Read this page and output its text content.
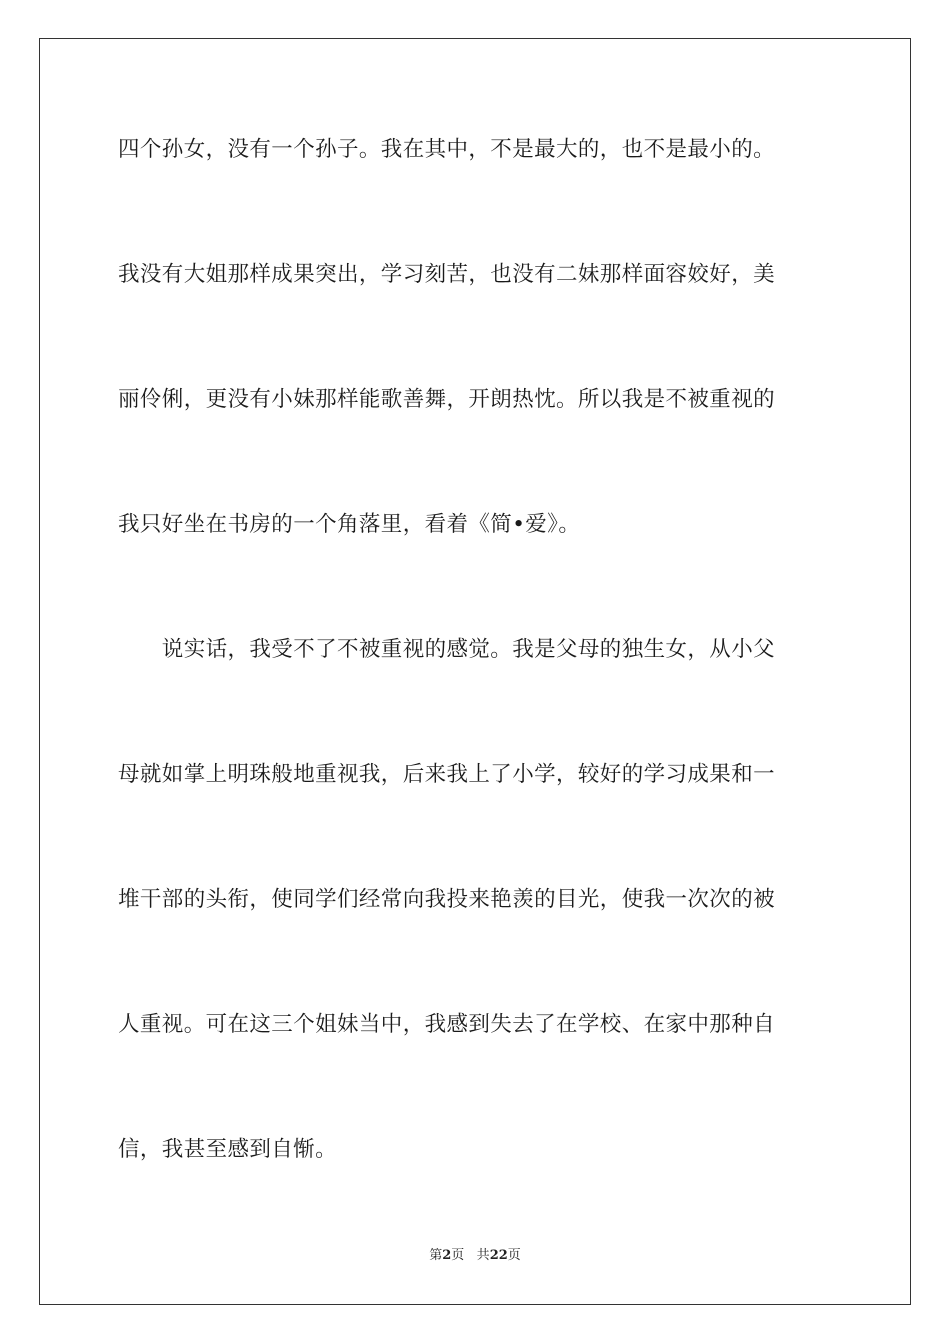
四个孙女，没有一个孙子。我在其中，不是最大的，也不是最小的。
我没有大姐那样成果突出，学习刻苦，也没有二妹那样面容姣好，美
丽伶俐，更没有小妹那样能歌善舞，开朗热忱。所以我是不被重视的
我只好坐在书房的一个角落里，看着《简•爱》。
　　说实话，我受不了不被重视的感觉。我是父母的独生女，从小父
母就如掌上明珠般地重视我，后来我上了小学，较好的学习成果和一
堆干部的头衔，使同学们经常向我投来艳羡的目光，使我一次次的被
人重视。可在这三个姐妹当中，我感到失去了在学校、在家中那种自
信，我甚至感到自惭。
第2页 共22页
